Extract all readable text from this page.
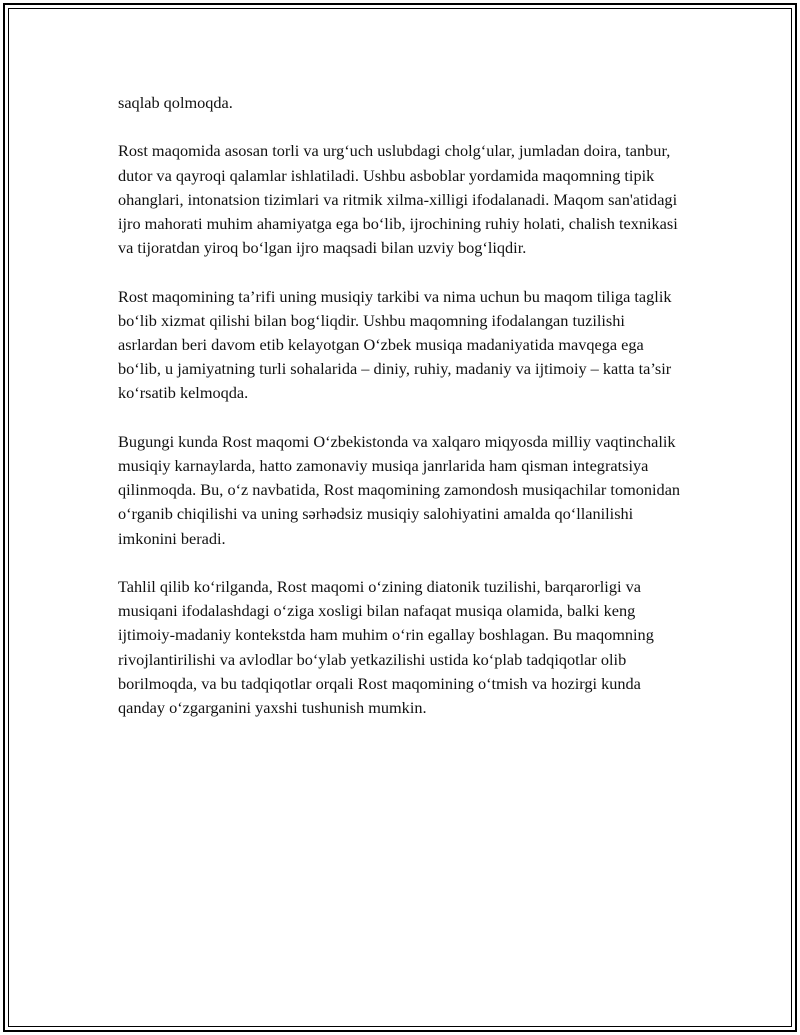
saqlab qolmoqda.

Rost maqomida asosan torli va urg‘uch uslubdagi cholg‘ular, jumladan doira, tanbur, dutor va qayroqi qalamlar ishlatiladi. Ushbu asboblar yordamida maqomning tipik ohanglari, intonatsion tizimlari va ritmik xilma-xilligi ifodalanadi. Maqom san'atidagi ijro mahorati muhim ahamiyatga ega bo‘lib, ijrochining ruhiy holati, chalish texnikasi va tijoratdan yiroq bo‘lgan ijro maqsadi bilan uzviy bog‘liqdir.

Rost maqomining ta’rifi uning musiqiy tarkibi va nima uchun bu maqom tiliga taglik bo‘lib xizmat qilishi bilan bog‘liqdir. Ushbu maqomning ifodalangan tuzilishi asrlardan beri davom etib kelayotgan O‘zbek musiqa madaniyatida mavqega ega bo‘lib, u jamiyatning turli sohalarida – diniy, ruhiy, madaniy va ijtimoiy – katta ta’sir ko‘rsatib kelmoqda.

Bugungi kunda Rost maqomi O‘zbekistonda va xalqaro miqyosda milliy vaqtinchalik musiqiy karnaylarda, hatto zamonaviy musiqa janrlarida ham qisman integratsiya qilinmoqda. Bu, o‘z navbatida, Rost maqomining zamondosh musiqachilar tomonidan o‘rganib chiqilishi va uning sərhədsiz musiqiy salohiyatini amalda qo‘llanilishi imkonini beradi.

Tahlil qilib ko‘rilganda, Rost maqomi o‘zining diatonik tuzilishi, barqarorligi va musiqani ifodalashdagi o‘ziga xosligi bilan nafaqat musiqa olamida, balki keng ijtimoiy-madaniy kontekstda ham muhim o‘rin egallay boshlagan. Bu maqomning rivojlantirilishi va avlodlar bo‘ylab yetkazilishi ustida ko‘plab tadqiqotlar olib borilmoqda, va bu tadqiqotlar orqali Rost maqomining o‘tmish va hozirgi kunda qanday o‘zgarganini yaxshi tushunish mumkin.
